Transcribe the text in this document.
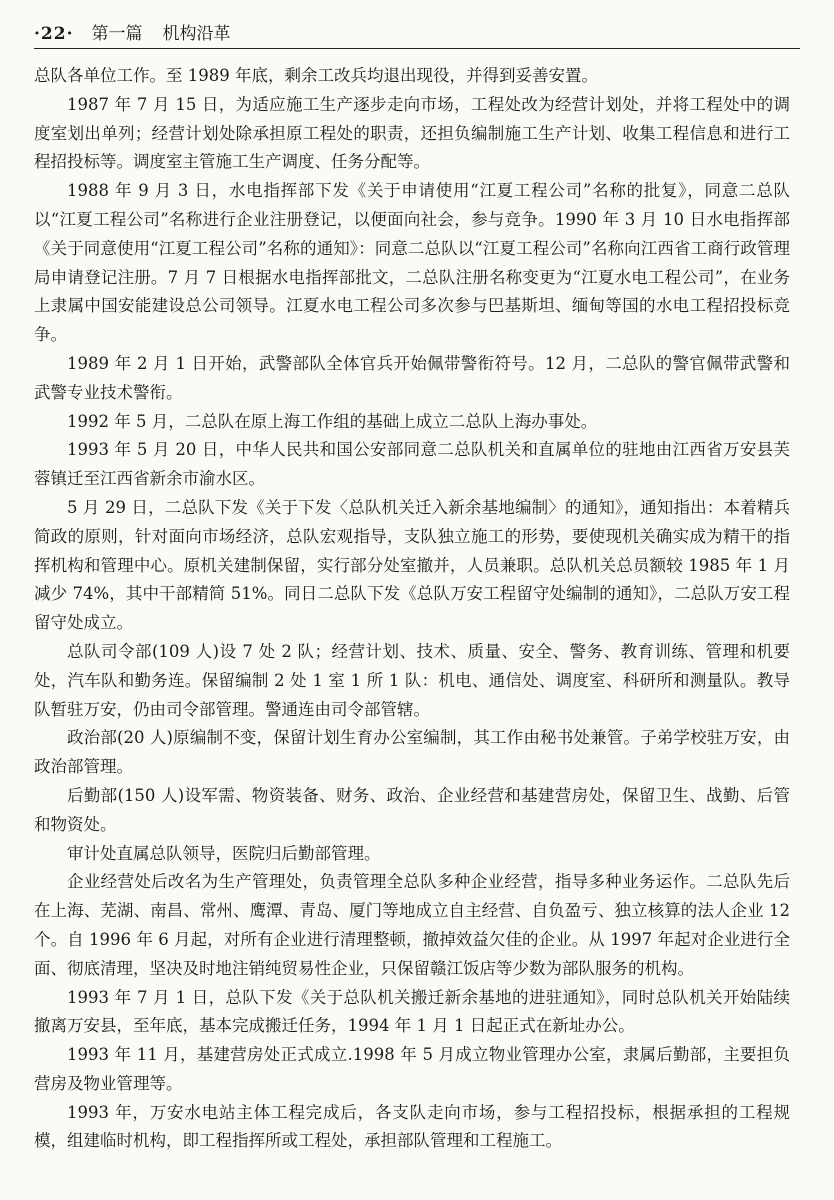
·22· 第一篇 机构沿革

总队各单位工作。至 1989 年底，剩余工改兵均退出现役，并得到妥善安置。

1987 年 7 月 15 日，为适应施工生产逐步走向市场，工程处改为经营计划处，并将工程处中的调度室划出单列；经营计划处除承担原工程处的职责，还担负编制施工生产计划、收集工程信息和进行工程招投标等。调度室主管施工生产调度、任务分配等。

1988 年 9 月 3 日，水电指挥部下发《关于申请使用“江夏工程公司”名称的批复》，同意二总队以“江夏工程公司”名称进行企业注册登记，以便面向社会，参与竞争。1990 年 3 月 10 日水电指挥部《关于同意使用“江夏工程公司”名称的通知》：同意二总队以“江夏工程公司”名称向江西省工商行政管理局申请登记注册。7 月 7 日根据水电指挥部批文，二总队注册名称变更为“江夏水电工程公司”，在业务上隶属中国安能建设总公司领导。江夏水电工程公司多次参与巴基斯坦、缅甸等国的水电工程招投标竞争。

1989 年 2 月 1 日开始，武警部队全体官兵开始佩带警衔符号。12 月，二总队的警官佩带武警和武警专业技术警衔。

1992 年 5 月，二总队在原上海工作组的基础上成立二总队上海办事处。

1993 年 5 月 20 日，中华人民共和国公安部同意二总队机关和直属单位的驻地由江西省万安县芙蓉镇迁至江西省新余市渝水区。

5 月 29 日，二总队下发《关于下发〈总队机关迁入新余基地编制〉的通知》，通知指出：本着精兵简政的原则，针对面向市场经济，总队宏观指导，支队独立施工的形势，要使现机关确实成为精干的指挥机构和管理中心。原机关建制保留，实行部分处室撤并，人员兼职。总队机关总员额较 1985 年 1 月减少 74%，其中干部精简 51%。同日二总队下发《总队万安工程留守处编制的通知》，二总队万安工程留守处成立。

总队司令部(109 人)设 7 处 2 队；经营计划、技术、质量、安全、警务、教育训练、管理和机要处，汽车队和勤务连。保留编制 2 处 1 室 1 所 1 队：机电、通信处、调度室、科研所和测量队。教导队暂驻万安，仍由司令部管理。警通连由司令部管辖。

政治部(20 人)原编制不变，保留计划生育办公室编制，其工作由秘书处兼管。子弟学校驻万安，由政治部管理。

后勤部(150 人)设军需、物资装备、财务、政治、企业经营和基建营房处，保留卫生、战勤、后管和物资处。

审计处直属总队领导，医院归后勤部管理。

企业经营处后改名为生产管理处，负责管理全总队多种企业经营，指导多种业务运作。二总队先后在上海、芜湖、南昌、常州、鹰潭、青岛、厦门等地成立自主经营、自负盈亏、独立核算的法人企业 12 个。自 1996 年 6 月起，对所有企业进行清理整顿，撤掉效益欠佳的企业。从 1997 年起对企业进行全面、彻底清理，坚决及时地注销纯贸易性企业，只保留赣江饭店等少数为部队服务的机构。

1993 年 7 月 1 日，总队下发《关于总队机关搬迁新余基地的进驻通知》，同时总队机关开始陆续撤离万安县，至年底，基本完成搬迁任务，1994 年 1 月 1 日起正式在新址办公。

1993 年 11 月，基建营房处正式成立.1998 年 5 月成立物业管理办公室，隶属后勤部，主要担负营房及物业管理等。

1993 年，万安水电站主体工程完成后，各支队走向市场，参与工程招投标，根据承担的工程规模，组建临时机构，即工程指挥所或工程处，承担部队管理和工程施工。
